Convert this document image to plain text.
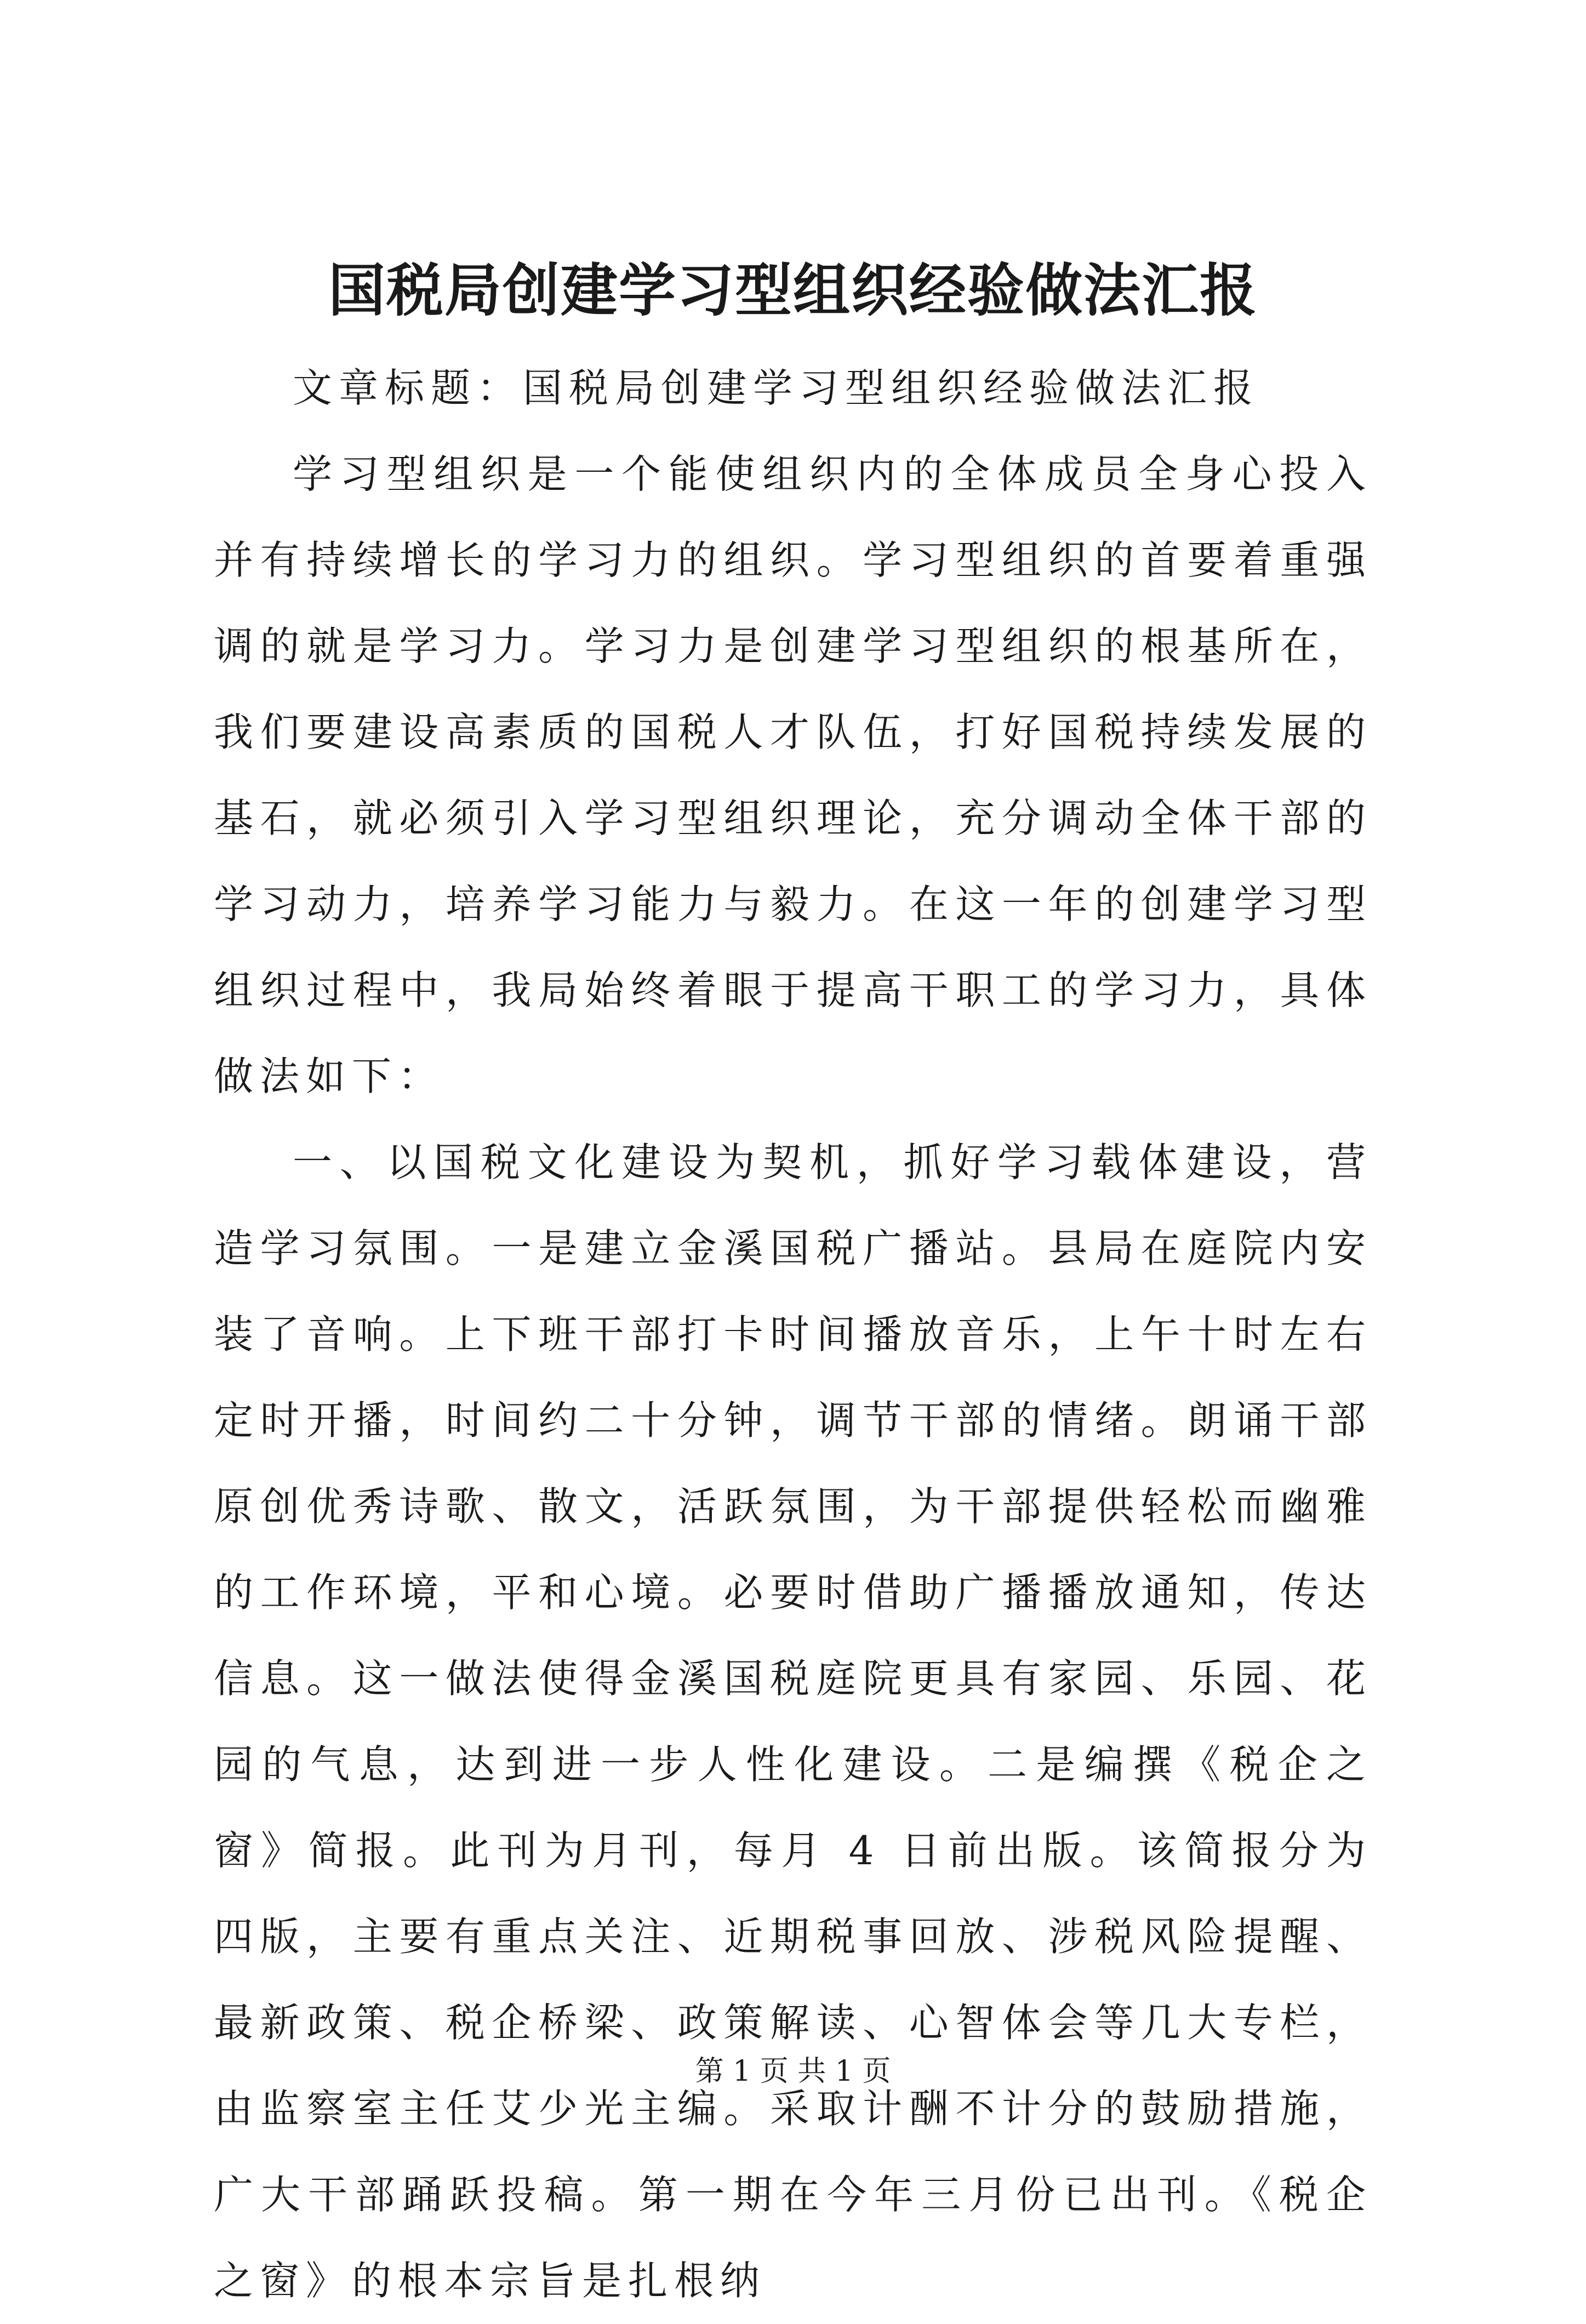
国税局创建学习型组织经验做法汇报

文章标题：国税局创建学习型组织经验做法汇报

学习型组织是一个能使组织内的全体成员全身心投入并有持续增长的学习力的组织。学习型组织的首要着重强调的就是学习力。学习力是创建学习型组织的根基所在，我们要建设高素质的国税人才队伍，打好国税持续发展的基石，就必须引入学习型组织理论，充分调动全体干部的学习动力，培养学习能力与毅力。在这一年的创建学习型组织过程中，我局始终着眼于提高干职工的学习力，具体做法如下：

一、以国税文化建设为契机，抓好学习载体建设，营造学习氛围。一是建立金溪国税广播站。县局在庭院内安装了音响。上下班干部打卡时间播放音乐，上午十时左右定时开播，时间约二十分钟，调节干部的情绪。朗诵干部原创优秀诗歌、散文，活跃氛围，为干部提供轻松而幽雅的工作环境，平和心境。必要时借助广播播放通知，传达信息。这一做法使得金溪国税庭院更具有家园、乐园、花园的气息，达到进一步人性化建设。二是编撰《税企之窗》简报。此刊为月刊，每月 4 日前出版。该简报分为四版，主要有重点关注、近期税事回放、涉税风险提醒、最新政策、税企桥梁、政策解读、心智体会等几大专栏，由监察室主任艾少光主编。采取计酬不计分的鼓励措施，广大干部踊跃投稿。第一期在今年三月份已出刊。《税企之窗》的根本宗旨是扎根纳

第 1 页 共 1 页
